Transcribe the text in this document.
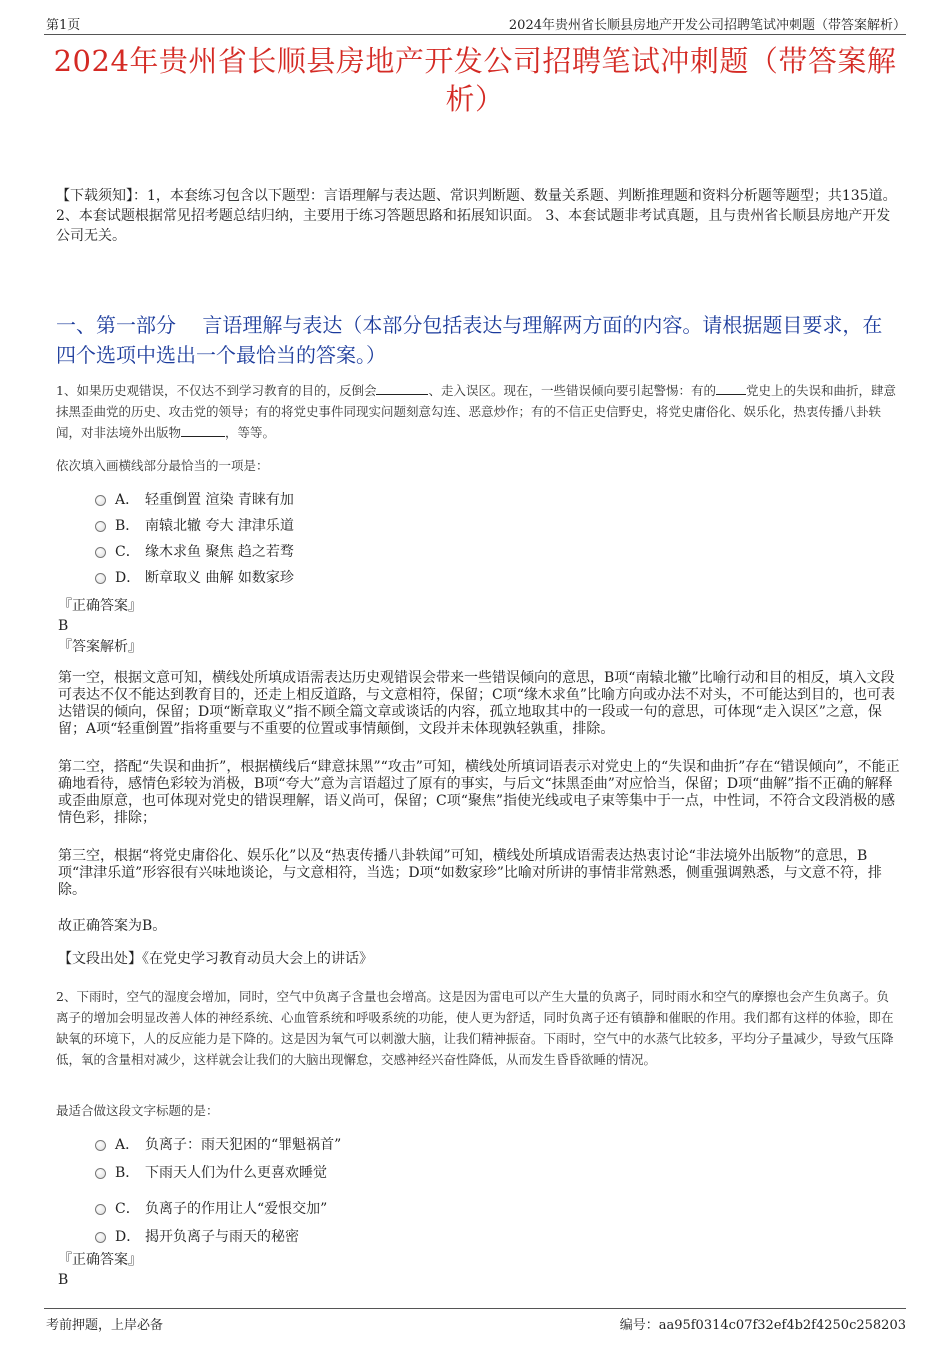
第1页	2024年贵州省长顺县房地产开发公司招聘笔试冲刺题（带答案解析）
2024年贵州省长顺县房地产开发公司招聘笔试冲刺题（带答案解析）
【下载须知】：1，本套练习包含以下题型：言语理解与表达题、常识判断题、数量关系题、判断推理题和资料分析题等题型；共135道。 2、本套试题根据常见招考题总结归纳，主要用于练习答题思路和拓展知识面。 3、本套试题非考试真题，且与贵州省长顺县房地产开发公司无关。
一、第一部分　 言语理解与表达（本部分包括表达与理解两方面的内容。请根据题目要求，在四个选项中选出一个最恰当的答案。）
1、如果历史观错误，不仅达不到学习教育的目的，反倒会	、走入误区。现在，一些错误倾向要引起警惕：有的 党史上的失误和曲折，肆意抹黑歪曲党的历史、攻击党的领导；有的将党史事件同现实问题刻意勾连、恶意炒作；有的不信正史信野史，将党史庸俗化、娱乐化，热衷传播八卦轶闻，对非法境外出版物	，等等。
依次填入画横线部分最恰当的一项是：
A． 轻重倒置 渲染 青睐有加
B． 南辕北辙 夸大 津津乐道
C． 缘木求鱼 聚焦 趋之若骛
D． 断章取义 曲解 如数家珍
『正确答案』
B
『答案解析』
第一空，根据文意可知，横线处所填成语需表达历史观错误会带来一些错误倾向的意思，B项“南辕北辙”比喻行动和目的相反，填入文段可表达不仅不能达到教育目的，还走上相反道路，与文意相符，保留；C项“缘木求鱼”比喻方向或办法不对头，不可能达到目的，也可表达错误的倾向，保留；D项“断章取义”指不顾全篇文章或谈话的内容，孤立地取其中的一段或一句的意思，可体现“走入误区”之意，保留；A项“轻重倒置”指将重要与不重要的位置或事情颠倒，文段并未体现孰轻孰重，排除。
第二空，搭配“失误和曲折”，根据横线后“肆意抹黑”“攻击”可知，横线处所填词语表示对党史上的“失误和曲折”存在“错误倾向”，不能正确地看待，感情色彩较为消极，B项“夸大”意为言语超过了原有的事实，与后文“抹黑歪曲”对应恰当，保留；D项“曲解”指不正确的解释或歪曲原意，也可体现对党史的错误理解，语义尚可，保留；C项“聚焦”指使光线或电子束等集中于一点，中性词，不符合文段消极的感情色彩，排除；
第三空，根据“将党史庸俗化、娱乐化”以及“热衷传播八卦轶闻”可知，横线处所填成语需表达热衷讨论“非法境外出版物”的意思，B项“津津乐道”形容很有兴味地谈论，与文意相符，当选；D项“如数家珍”比喻对所讲的事情非常熟悉，侧重强调熟悉，与文意不符，排除。
故正确答案为B。
【文段出处】《在党史学习教育动员大会上的讲话》
2、下雨时，空气的湿度会增加，同时，空气中负离子含量也会增高。这是因为雷电可以产生大量的负离子，同时雨水和空气的摩擦也会产生负离子。负离子的增加会明显改善人体的神经系统、心血管系统和呼吸系统的功能，使人更为舒适，同时负离子还有镇静和催眠的作用。我们都有这样的体验，即在缺氧的环境下，人的反应能力是下降的。这是因为氧气可以刺激大脑，让我们精神振奋。下雨时，空气中的水蒸气比较多，平均分子量减少，导致气压降低，氧的含量相对减少，这样就会让我们的大脑出现懈怠，交感神经兴奋性降低，从而发生昏昏欲睡的情况。
最适合做这段文字标题的是：
A． 负离子：雨天犯困的“罪魁祸首”
B． 下雨天人们为什么更喜欢睡觉
C． 负离子的作用让人“爱恨交加”
D． 揭开负离子与雨天的秘密
『正确答案』
B
考前押题，上岸必备	编号：aa95f0314c07f32ef4b2f4250c258203
